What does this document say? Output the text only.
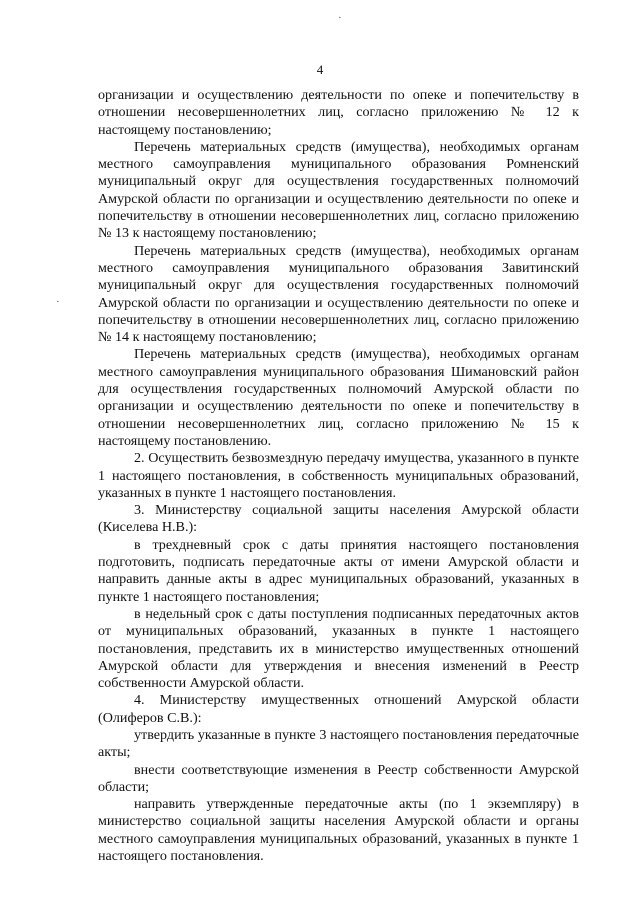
4
·
·

организации и осуществлению деятельности по опеке и попечительству в отношении несовершеннолетних лиц, согласно приложению № 12 к настоящему постановлению;

Перечень материальных средств (имущества), необходимых органам местного самоуправления муниципального образования Ромненский муниципальный округ для осуществления государственных полномочий Амурской области по организации и осуществлению деятельности по опеке и попечительству в отношении несовершеннолетних лиц, согласно приложению № 13 к настоящему постановлению;

Перечень материальных средств (имущества), необходимых органам местного самоуправления муниципального образования Завитинский муниципальный округ для осуществления государственных полномочий Амурской области по организации и осуществлению деятельности по опеке и попечительству в отношении несовершеннолетних лиц, согласно приложению № 14 к настоящему постановлению;

Перечень материальных средств (имущества), необходимых органам местного самоуправления муниципального образования Шимановский район для осуществления государственных полномочий Амурской области по организации и осуществлению деятельности по опеке и попечительству в отношении несовершеннолетних лиц, согласно приложению № 15 к настоящему постановлению.

2. Осуществить безвозмездную передачу имущества, указанного в пункте 1 настоящего постановления, в собственность муниципальных образований, указанных в пункте 1 настоящего постановления.

3. Министерству социальной защиты населения Амурской области (Киселева Н.В.):

в трехдневный срок с даты принятия настоящего постановления подготовить, подписать передаточные акты от имени Амурской области и направить данные акты в адрес муниципальных образований, указанных в пункте 1 настоящего постановления;

в недельный срок с даты поступления подписанных передаточных актов от муниципальных образований, указанных в пункте 1 настоящего постановления, представить их в министерство имущественных отношений Амурской области для утверждения и внесения изменений в Реестр собственности Амурской области.

4. Министерству имущественных отношений Амурской области (Олиферов С.В.):

утвердить указанные в пункте 3 настоящего постановления передаточные акты;

внести соответствующие изменения в Реестр собственности Амурской области;

направить утвержденные передаточные акты (по 1 экземпляру) в министерство социальной защиты населения Амурской области и органы местного самоуправления муниципальных образований, указанных в пункте 1 настоящего постановления.
